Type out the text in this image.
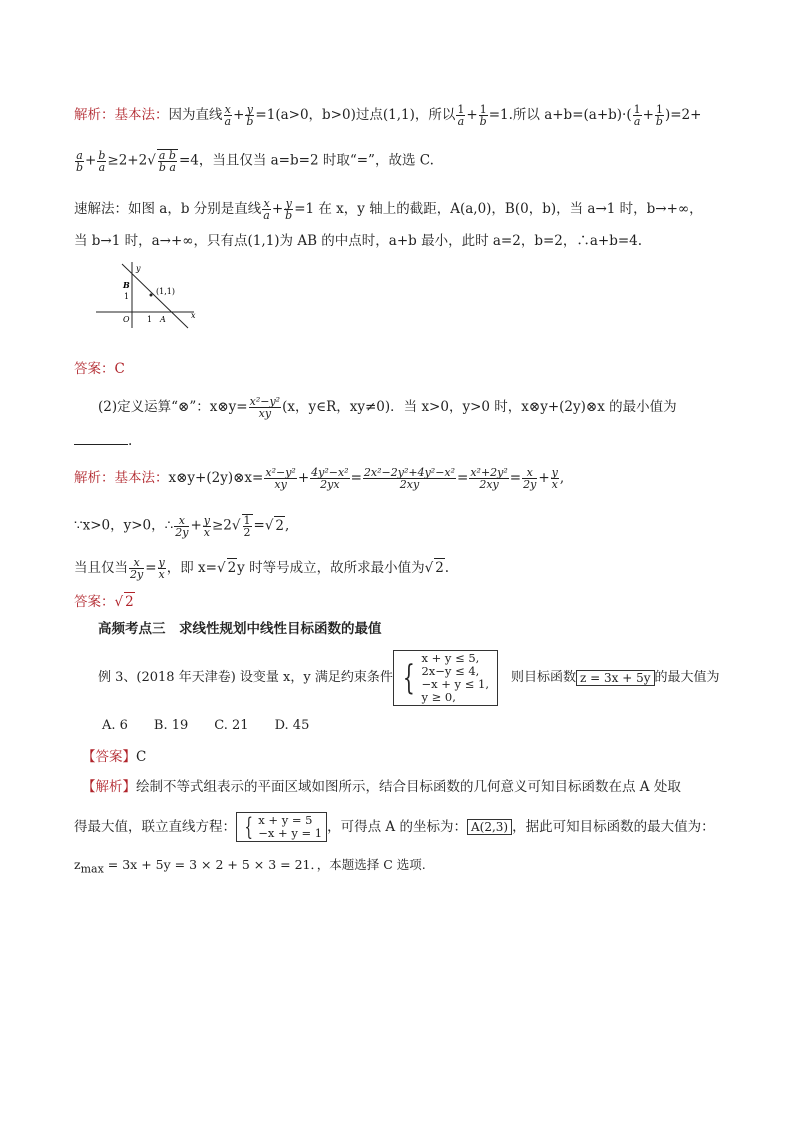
解析：基本法：因为直线 $\frac{x}{a} + \frac{y}{b} =1(a>0$，b>0)过点(1,1)，所以 $\frac{1}{a} + \frac{1}{b} =1$.所以 $a+b=(a+b)\cdot( \frac{1}{a} + \frac{1}{b} )=2+$
$\frac{a}{b} + \frac{b}{a} \ge 2+2√ \frac{\text{a b}}{\text{b a}} =4$，当且仅当 a=b=2 时取“=”，故选 C.
速解法：如图 a，b 分别是直线 $\frac{x}{a} + \frac{y}{b} =1$ 在 x，y 轴上的截距，A(a,0)，B(0，b)，当 a→1 时，b→+∞，
当 b→1 时，a→+∞，只有点(1,1)为 AB 的中点时，a+b 最小，此时 a=2，b=2，∴a+b=4.
y
x
B
1
O 1 A
(1,1)
答案：C
(2)定义运算“⊗”：x⊗y= $\frac{\text{x²−y²}}{xy} (x$，y∈R，xy≠0)．当 x>0，y>0 时，x⊗y+(2y)⊗x 的最小值为
.
解析：基本法：x⊗y+(2y)⊗x= $\frac{\text{x²−y²}}{xy} + \frac{\text{4y²−x²}}{2yx} = \frac{\text{2x²−2y²+4y²−x²}}{2xy} = \frac{\text{x²+2y²}}{2xy} = \frac{x}{2y} + \frac{y}{x}$ ,
∵x>0，y>0，∴ $\frac{x}{2y} + \frac{y}{x} \ge 2√ \frac{1}{2}$ =√ 2,
当且仅当 $\frac{x}{2y} = \frac{y}{x}$ ，即 x=√ 2y 时等号成立，故所求最小值为√ 2.
答案：√ 2
高频考点三　求线性规划中线性目标函数的最值
例 3、(2018 年天津卷) 设变量 x，y 满足约束条件 { x + y ≤ 5,
2x−y ≤ 4,
−x + y ≤ 1,
y ≥ 0,
　则目标函数 z = 3x + 5y 的最大值为
A. 6　　B. 19　　C. 21　　D. 45
【答案】C
【解析】绘制不等式组表示的平面区域如图所示，结合目标函数的几何意义可知目标函数在点 A 处取
得最大值，联立直线方程： { x + y = 5
−x + y = 1 ，可得点 A 的坐标为： A(2,3) ，据此可知目标函数的最大值为：
$z_{max} = 3x + 5y = 3 \times 2 + 5 \times 3 = 21$．，本题选择 C 选项.
